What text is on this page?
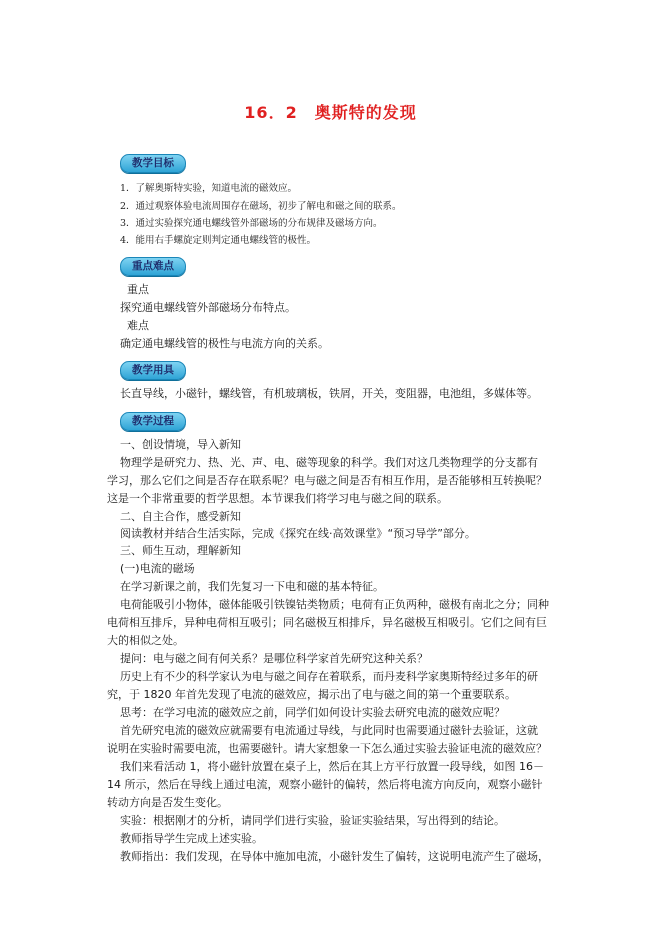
16．2　奥斯特的发现
教学目标
1．了解奥斯特实验，知道电流的磁效应。
2．通过观察体验电流周围存在磁场，初步了解电和磁之间的联系。
3．通过实验探究通电螺线管外部磁场的分布规律及磁场方向。
4．能用右手螺旋定则判定通电螺线管的极性。
重点难点
重点
探究通电螺线管外部磁场分布特点。
难点
确定通电螺线管的极性与电流方向的关系。
教学用具
长直导线，小磁针，螺线管，有机玻璃板，铁屑，开关，变阻器，电池组，多媒体等。
教学过程
一、创设情境，导入新知
物理学是研究力、热、光、声、电、磁等现象的科学。我们对这几类物理学的分支都有
学习，那么它们之间是否存在联系呢？电与磁之间是否有相互作用，是否能够相互转换呢？
这是一个非常重要的哲学思想。本节课我们将学习电与磁之间的联系。
二、自主合作，感受新知
阅读教材并结合生活实际，完成《探究在线·高效课堂》“预习导学”部分。
三、师生互动，理解新知
(一)电流的磁场
在学习新课之前，我们先复习一下电和磁的基本特征。
电荷能吸引小物体，磁体能吸引铁镍钴类物质；电荷有正负两种，磁极有南北之分；同种
电荷相互排斥，异种电荷相互吸引；同名磁极互相排斥，异名磁极互相吸引。它们之间有巨
大的相似之处。
提问：电与磁之间有何关系？是哪位科学家首先研究这种关系？
历史上有不少的科学家认为电与磁之间存在着联系，而丹麦科学家奥斯特经过多年的研
究，于 1820 年首先发现了电流的磁效应，揭示出了电与磁之间的第一个重要联系。
思考：在学习电流的磁效应之前，同学们如何设计实验去研究电流的磁效应呢？
首先研究电流的磁效应就需要有电流通过导线，与此同时也需要通过磁针去验证，这就
说明在实验时需要电流，也需要磁针。请大家想象一下怎么通过实验去验证电流的磁效应？
我们来看活动 1，将小磁针放置在桌子上，然后在其上方平行放置一段导线，如图 16－
14 所示，然后在导线上通过电流，观察小磁针的偏转，然后将电流方向反向，观察小磁针
转动方向是否发生变化。
实验：根据刚才的分析，请同学们进行实验，验证实验结果，写出得到的结论。
教师指导学生完成上述实验。
教师指出：我们发现，在导体中施加电流，小磁针发生了偏转，这说明电流产生了磁场，
